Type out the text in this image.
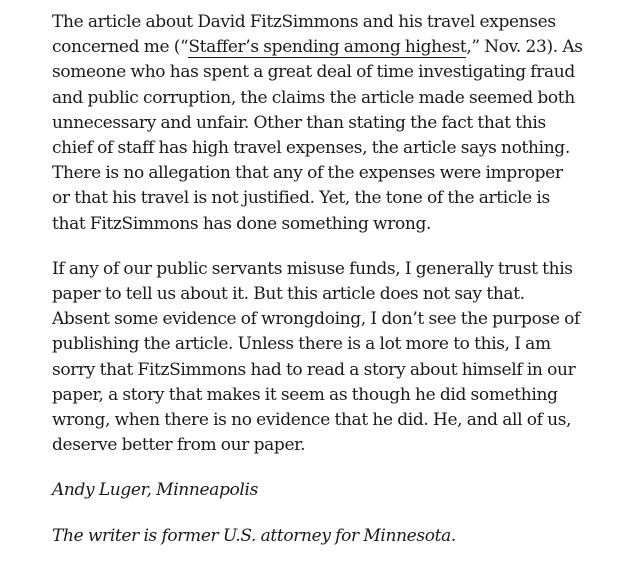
The article about David FitzSimmons and his travel expenses concerned me (“Staffer’s spending among highest,” Nov. 23). As someone who has spent a great deal of time investigating fraud and public corruption, the claims the article made seemed both unnecessary and unfair. Other than stating the fact that this chief of staff has high travel expenses, the article says nothing. There is no allegation that any of the expenses were improper or that his travel is not justified. Yet, the tone of the article is that FitzSimmons has done something wrong.

If any of our public servants misuse funds, I generally trust this paper to tell us about it. But this article does not say that. Absent some evidence of wrongdoing, I don’t see the purpose of publishing the article. Unless there is a lot more to this, I am sorry that FitzSimmons had to read a story about himself in our paper, a story that makes it seem as though he did something wrong, when there is no evidence that he did. He, and all of us, deserve better from our paper.

Andy Luger, Minneapolis

The writer is former U.S. attorney for Minnesota.
